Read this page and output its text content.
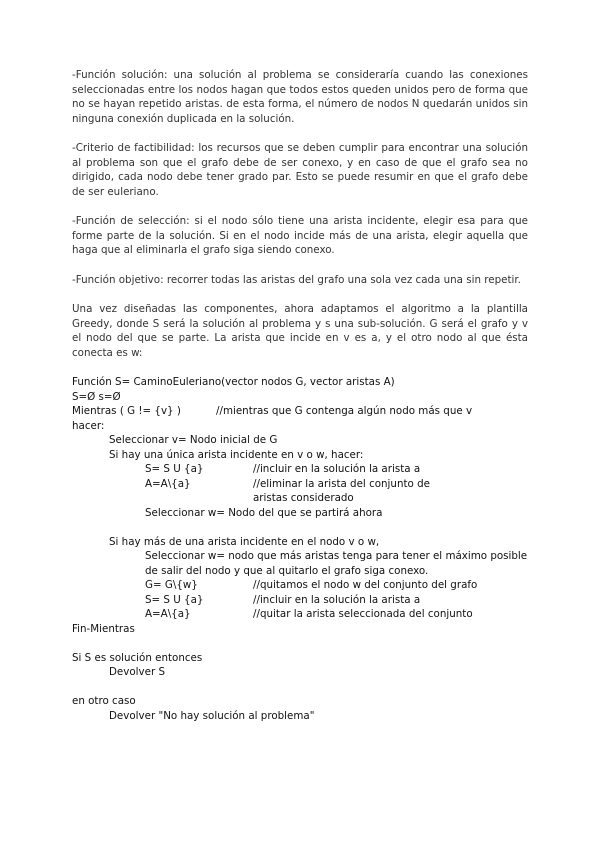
-Función solución: una solución al problema se consideraría cuando las conexiones seleccionadas entre los nodos hagan que todos estos queden unidos pero de forma que no se hayan repetido aristas. de esta forma, el número de nodos N quedarán unidos sin ninguna conexión duplicada en la solución.

-Criterio de factibilidad: los recursos que se deben cumplir para encontrar una solución al problema son que el grafo debe de ser conexo, y en caso de que el grafo sea no dirigido, cada nodo debe tener grado par. Esto se puede resumir en que el grafo debe de ser euleriano.

-Función de selección: si el nodo sólo tiene una arista incidente, elegir esa para que forme parte de la solución. Si en el nodo incide más de una arista, elegir aquella que haga que al eliminarla el grafo siga siendo conexo.

-Función objetivo: recorrer todas las aristas del grafo una sola vez cada una sin repetir.

Una vez diseñadas las componentes, ahora adaptamos el algoritmo a la plantilla Greedy, donde S será la solución al problema y s una sub-solución. G será el grafo y v el nodo del que se parte. La arista que incide en v es a, y el otro nodo al que ésta conecta es w:

Función S= CaminoEuleriano(vector nodos G, vector aristas A)
S=Ø s=Ø
Mientras ( G != {v} )	//mientras que G contenga algún nodo más que v
hacer:
Seleccionar v= Nodo inicial de G
Si hay una única arista incidente en v o w, hacer:
S= S U {a}	//incluir en la solución la arista a
A=A\{a}	//eliminar la arista del conjunto de aristas considerado
Seleccionar w= Nodo del que se partirá ahora
Si hay más de una arista incidente en el nodo v o w,
Seleccionar w= nodo que más aristas tenga para tener el máximo posible de salir del nodo y que al quitarlo el grafo siga conexo.
G= G\{w}	//quitamos el nodo w del conjunto del grafo
S= S U {a}	//incluir en la solución la arista a
A=A\{a}	//quitar la arista seleccionada del conjunto
Fin-Mientras
Si S es solución entonces
Devolver S
en otro caso
Devolver "No hay solución al problema"
